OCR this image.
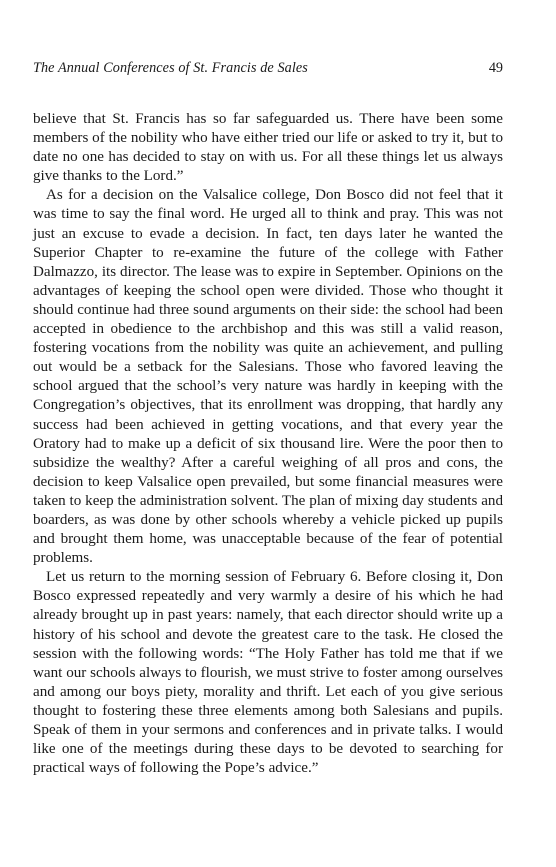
The Annual Conferences of St. Francis de Sales	49

believe that St. Francis has so far safeguarded us. There have been some members of the nobility who have either tried our life or asked to try it, but to date no one has decided to stay on with us. For all these things let us always give thanks to the Lord.”

As for a decision on the Valsalice college, Don Bosco did not feel that it was time to say the final word. He urged all to think and pray. This was not just an excuse to evade a decision. In fact, ten days later he wanted the Superior Chapter to re-examine the future of the college with Father Dalmazzo, its director. The lease was to expire in September. Opinions on the advantages of keeping the school open were divided. Those who thought it should continue had three sound arguments on their side: the school had been accepted in obedience to the archbishop and this was still a valid reason, fostering vocations from the nobility was quite an achievement, and pulling out would be a setback for the Salesians. Those who favored leaving the school argued that the school’s very nature was hardly in keeping with the Congregation’s objectives, that its enrollment was dropping, that hardly any success had been achieved in getting vocations, and that every year the Oratory had to make up a deficit of six thousand lire. Were the poor then to subsidize the wealthy? After a careful weighing of all pros and cons, the decision to keep Valsalice open prevailed, but some financial measures were taken to keep the administration solvent. The plan of mixing day students and boarders, as was done by other schools whereby a vehicle picked up pupils and brought them home, was unacceptable because of the fear of potential problems.

Let us return to the morning session of February 6. Before closing it, Don Bosco expressed repeatedly and very warmly a desire of his which he had already brought up in past years: namely, that each director should write up a history of his school and devote the greatest care to the task. He closed the session with the following words: “The Holy Father has told me that if we want our schools always to flourish, we must strive to foster among ourselves and among our boys piety, morality and thrift. Let each of you give serious thought to fostering these three elements among both Salesians and pupils. Speak of them in your sermons and conferences and in private talks. I would like one of the meetings during these days to be devoted to searching for practical ways of following the Pope’s advice.”
